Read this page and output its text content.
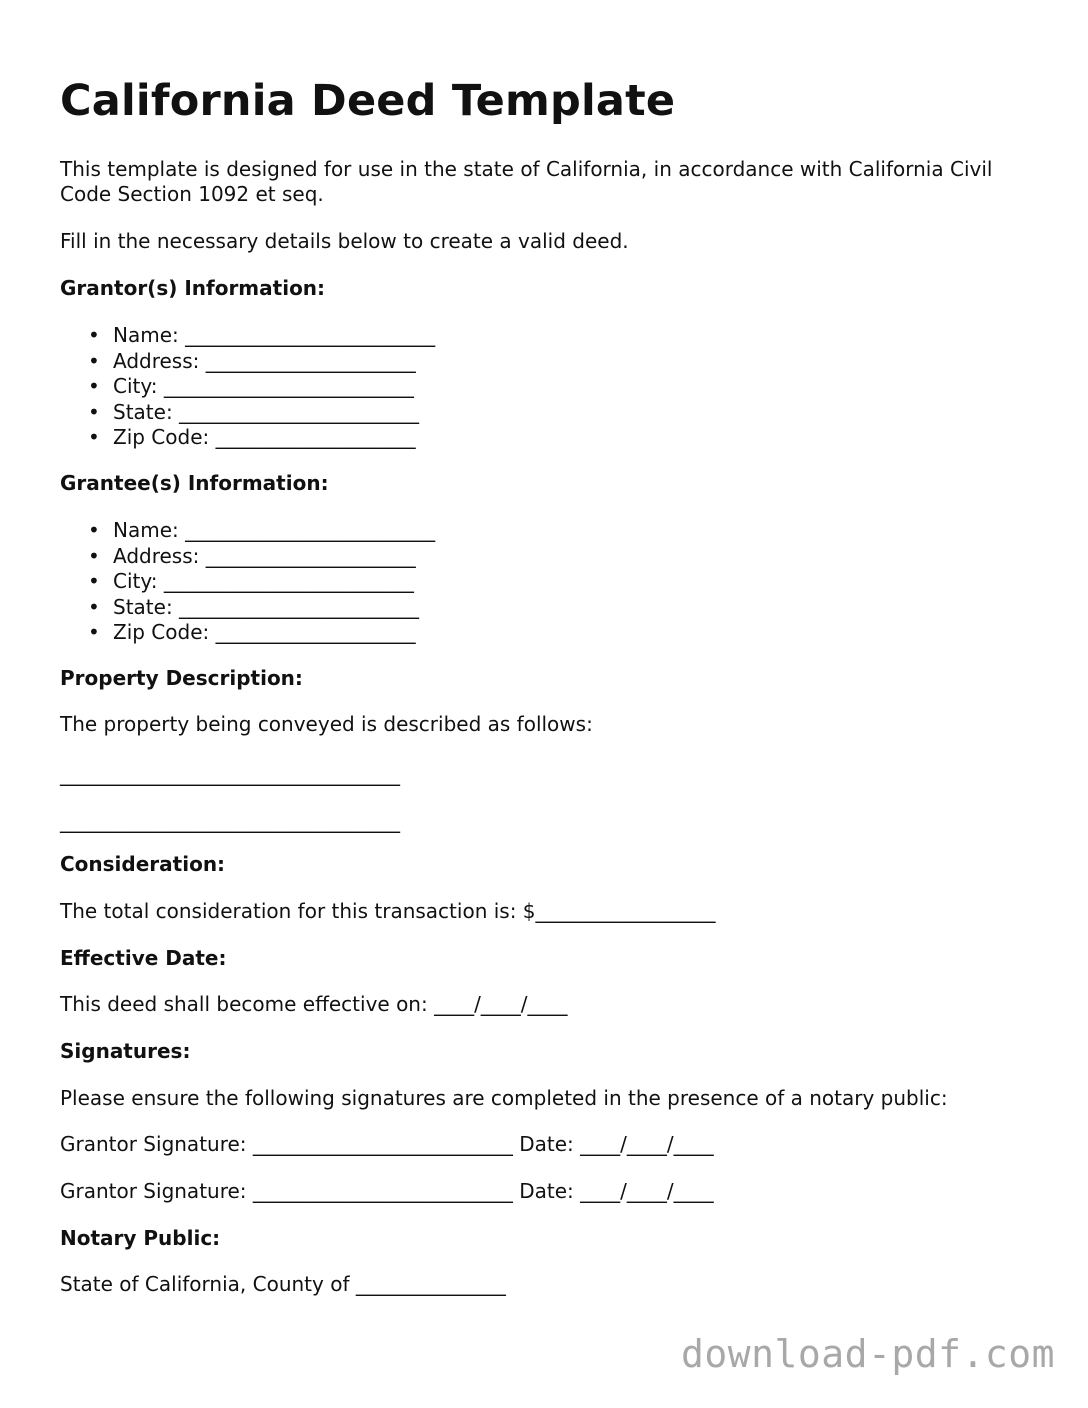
California Deed Template

This template is designed for use in the state of California, in accordance with California Civil Code Section 1092 et seq.

Fill in the necessary details below to create a valid deed.

Grantor(s) Information:
• Name: _________________________
• Address: _____________________
• City: _________________________
• State: ________________________
• Zip Code: ____________________
Grantee(s) Information:
• Name: _________________________
• Address: _____________________
• City: _________________________
• State: ________________________
• Zip Code: ____________________
Property Description:

The property being conveyed is described as follows:

__________________________________

__________________________________

Consideration:

The total consideration for this transaction is: $__________________

Effective Date:

This deed shall become effective on: ____/____/____

Signatures:

Please ensure the following signatures are completed in the presence of a notary public:

Grantor Signature: __________________________ Date: ____/____/____

Grantor Signature: __________________________ Date: ____/____/____

Notary Public:

State of California, County of _______________

download-pdf.com
